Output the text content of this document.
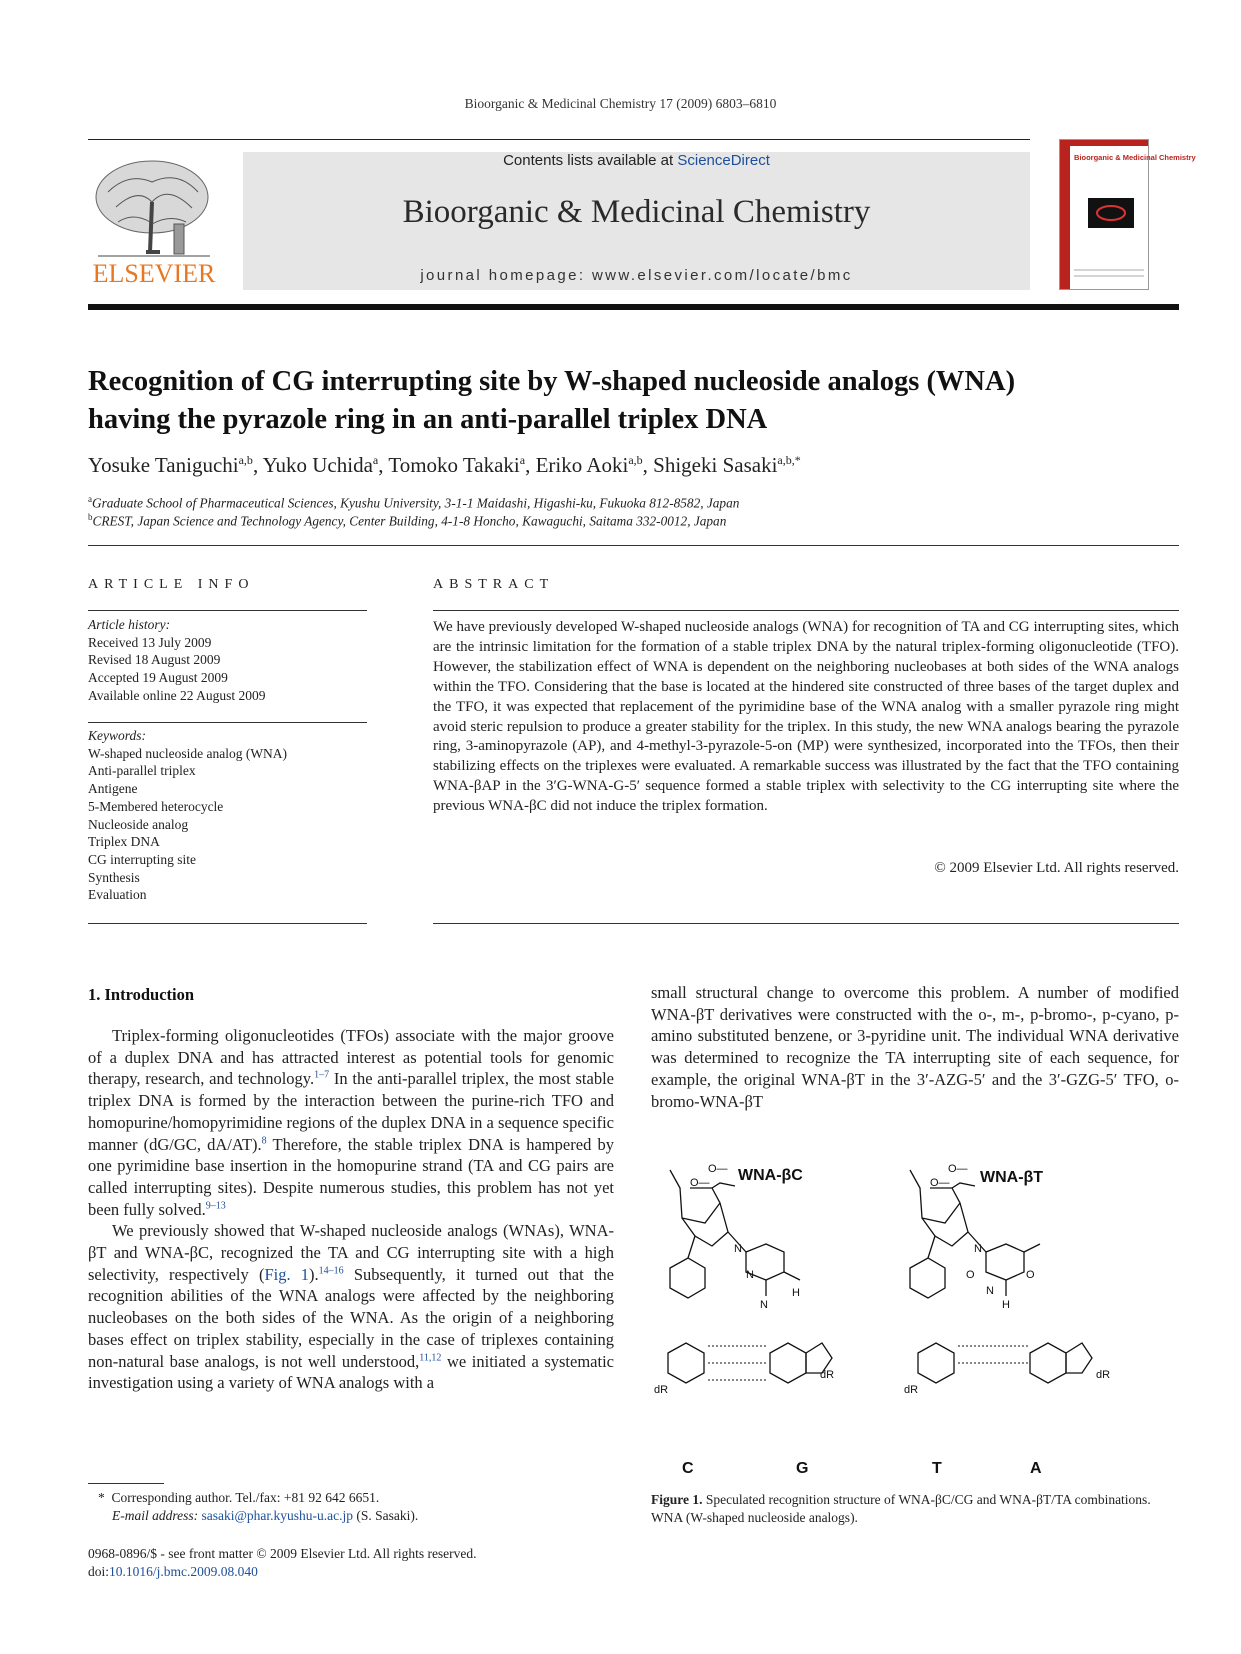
Bioorganic & Medicinal Chemistry 17 (2009) 6803–6810
ELSEVIER
Contents lists available at ScienceDirect
Bioorganic & Medicinal Chemistry
journal homepage: www.elsevier.com/locate/bmc
Bioorganic & Medicinal Chemistry
Recognition of CG interrupting site by W-shaped nucleoside analogs (WNA)
having the pyrazole ring in an anti-parallel triplex DNA
Yosuke Taniguchi$^{a,b}$, Yuko Uchida$^a$, Tomoko Takaki$^a$, Eriko Aoki$^{a,b}$, Shigeki Sasaki$^{a,b,*}$
$^a$Graduate School of Pharmaceutical Sciences, Kyushu University, 3-1-1 Maidashi, Higashi-ku, Fukuoka 812-8582, Japan
$^b$CREST, Japan Science and Technology Agency, Center Building, 4-1-8 Honcho, Kawaguchi, Saitama 332-0012, Japan
ARTICLE INFO
Article history:
Received 13 July 2009
Revised 18 August 2009
Accepted 19 August 2009
Available online 22 August 2009
Keywords:
W-shaped nucleoside analog (WNA)
Anti-parallel triplex
Antigene
5-Membered heterocycle
Nucleoside analog
Triplex DNA
CG interrupting site
Synthesis
Evaluation
ABSTRACT
We have previously developed W-shaped nucleoside analogs (WNA) for recognition of TA and CG interrupting sites, which are the intrinsic limitation for the formation of a stable triplex DNA by the natural triplex-forming oligonucleotide (TFO). However, the stabilization effect of WNA is dependent on the neighboring nucleobases at both sides of the WNA analogs within the TFO. Considering that the base is located at the hindered site constructed of three bases of the target duplex and the TFO, it was expected that replacement of the pyrimidine base of the WNA analog with a smaller pyrazole ring might avoid steric repulsion to produce a greater stability for the triplex. In this study, the new WNA analogs bearing the pyrazole ring, 3-aminopyrazole (AP), and 4-methyl-3-pyrazole-5-on (MP) were synthesized, incorporated into the TFOs, then their stabilizing effects on the triplexes were evaluated. A remarkable success was illustrated by the fact that the TFO containing WNA-βAP in the 3′G-WNA-G-5′ sequence formed a stable triplex with selectivity to the CG interrupting site where the previous WNA-βC did not induce the triplex formation.
© 2009 Elsevier Ltd. All rights reserved.
1. Introduction

Triplex-forming oligonucleotides (TFOs) associate with the major groove of a duplex DNA and has attracted interest as potential tools for genomic therapy, research, and technology.$^{1-7}$ In the anti-parallel triplex, the most stable triplex DNA is formed by the interaction between the purine-rich TFO and homopurine/homopyrimidine regions of the duplex DNA in a sequence specific manner (dG/GC, dA/AT).$^8$ Therefore, the stable triplex DNA is hampered by one pyrimidine base insertion in the homopurine strand (TA and CG pairs are called interrupting sites). Despite numerous studies, this problem has not yet been fully solved.$^{9-13}$

We previously showed that W-shaped nucleoside analogs (WNAs), WNA-βT and WNA-βC, recognized the TA and CG interrupting site with a high selectivity, respectively (Fig. 1).$^{14-16}$ Subsequently, it turned out that the recognition abilities of the WNA analogs were affected by the neighboring nucleobases on the both sides of the WNA. As the origin of a neighboring bases effect on triplex stability, especially in the case of triplexes containing non-natural base analogs, is not well understood,$^{11,12}$ we initiated a systematic investigation using a variety of WNA analogs with a

small structural change to overcome this problem. A number of modified WNA-βT derivatives were constructed with the o-, m-, p-bromo-, p-cyano, p-amino substituted benzene, or 3-pyridine unit. The individual WNA derivative was determined to recognize the TA interrupting site of each sequence, for example, the original WNA-βT in the 3′-AZG-5′ and the 3′-GZG-5′ TFO, o-bromo-WNA-βT

H
N
N
N
O—
O—
O—
O—
N
N
O
H
O
dR
dR
dR
dR
WNA-βC	WNA-βT
C	G	T	A
Figure 1. Speculated recognition structure of WNA-βC/CG and WNA-βT/TA combinations. WNA (W-shaped nucleoside analogs).
* Corresponding author. Tel./fax: +81 92 642 6651.
E-mail address: sasaki@phar.kyushu-u.ac.jp (S. Sasaki).
0968-0896/$ - see front matter © 2009 Elsevier Ltd. All rights reserved.
doi:10.1016/j.bmc.2009.08.040
